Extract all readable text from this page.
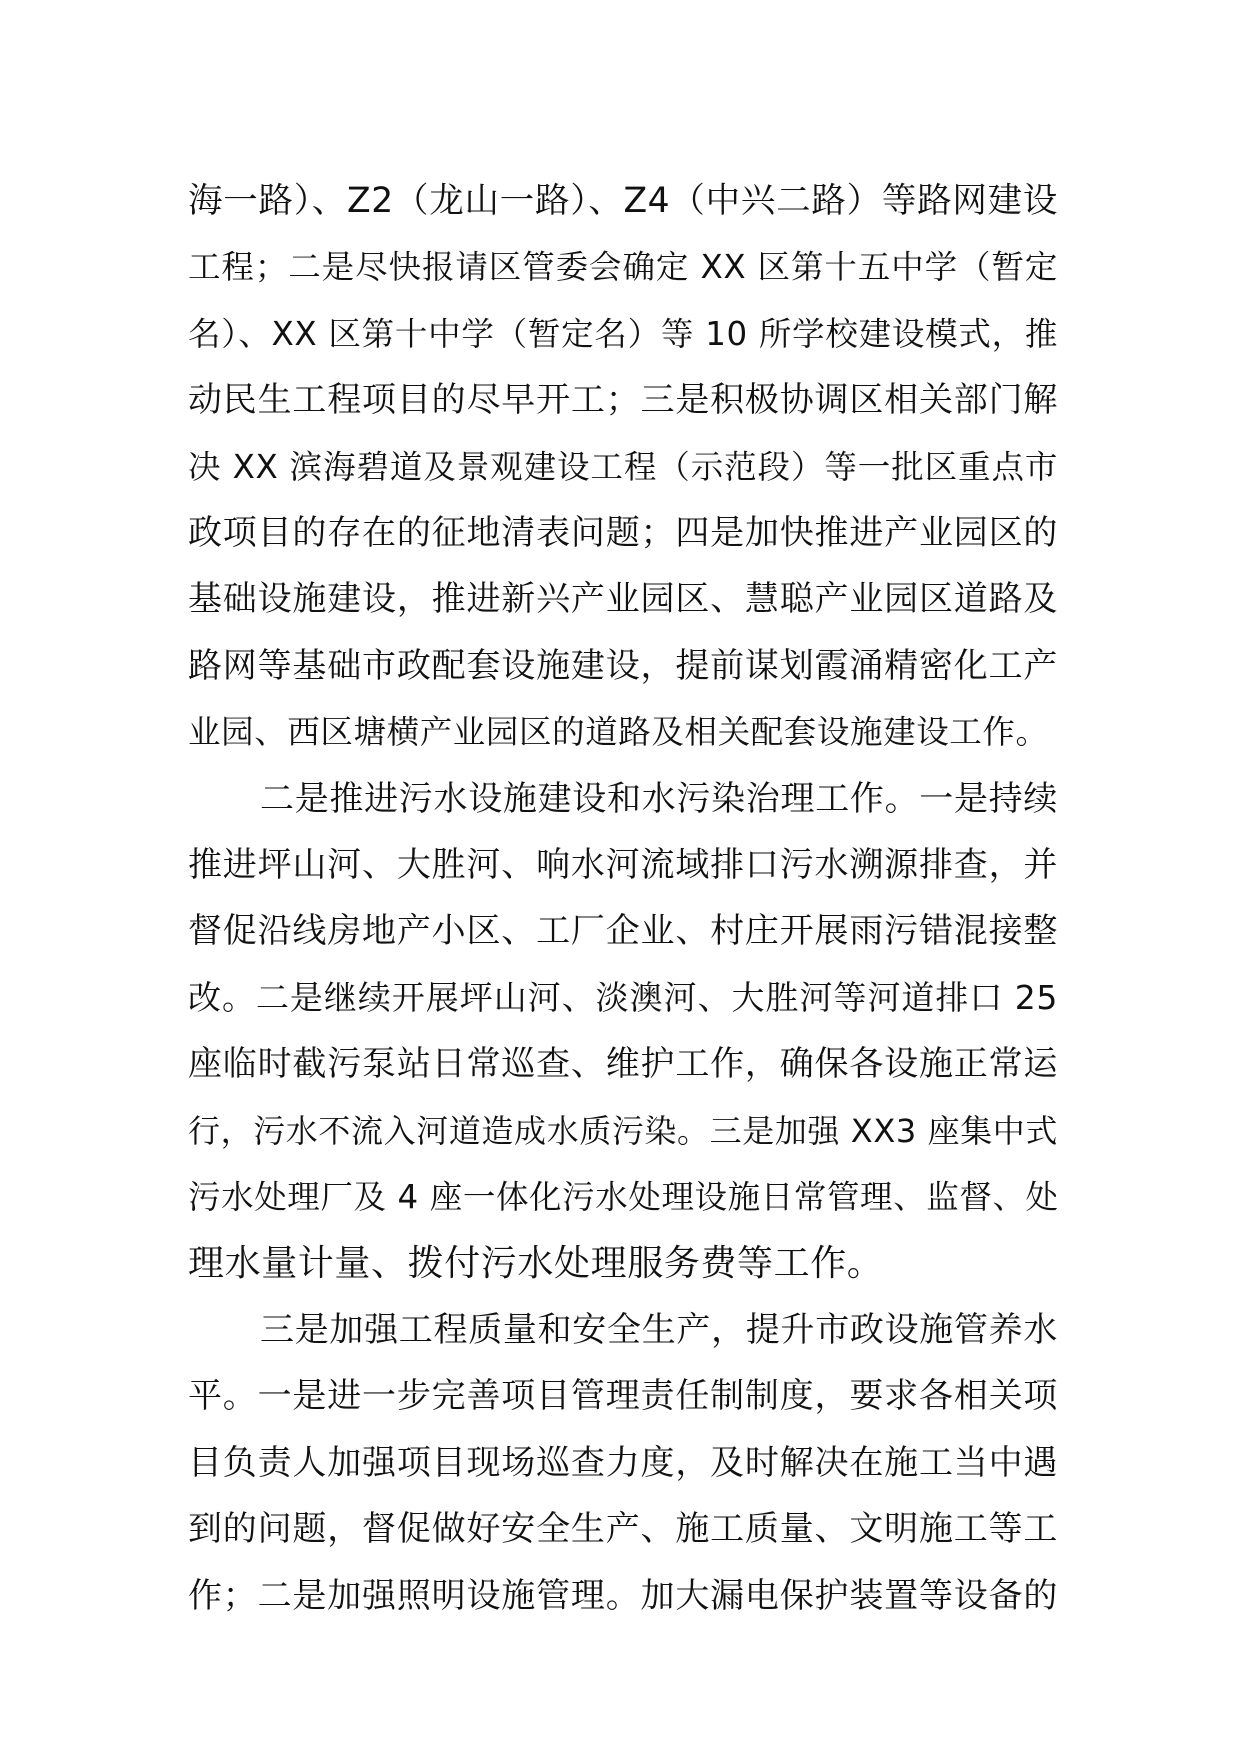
海一路）、Z2（龙山一路）、Z4（中兴二路）等路网建设
工程；二是尽快报请区管委会确定 XX 区第十五中学（暂定
名）、XX 区第十中学（暂定名）等 10 所学校建设模式，推
动民生工程项目的尽早开工；三是积极协调区相关部门解
决 XX 滨海碧道及景观建设工程（示范段）等一批区重点市
政项目的存在的征地清表问题；四是加快推进产业园区的
基础设施建设，推进新兴产业园区、慧聪产业园区道路及
路网等基础市政配套设施建设，提前谋划霞涌精密化工产
业园、西区塘横产业园区的道路及相关配套设施建设工作。

二是推进污水设施建设和水污染治理工作。一是持续
推进坪山河、大胜河、响水河流域排口污水溯源排查，并
督促沿线房地产小区、工厂企业、村庄开展雨污错混接整
改。二是继续开展坪山河、淡澳河、大胜河等河道排口 25
座临时截污泵站日常巡查、维护工作，确保各设施正常运
行，污水不流入河道造成水质污染。三是加强 XX3 座集中式
污水处理厂及 4 座一体化污水处理设施日常管理、监督、处
理水量计量、拨付污水处理服务费等工作。

三是加强工程质量和安全生产，提升市政设施管养水
平。一是进一步完善项目管理责任制制度，要求各相关项
目负责人加强项目现场巡查力度，及时解决在施工当中遇
到的问题，督促做好安全生产、施工质量、文明施工等工
作；二是加强照明设施管理。加大漏电保护装置等设备的
